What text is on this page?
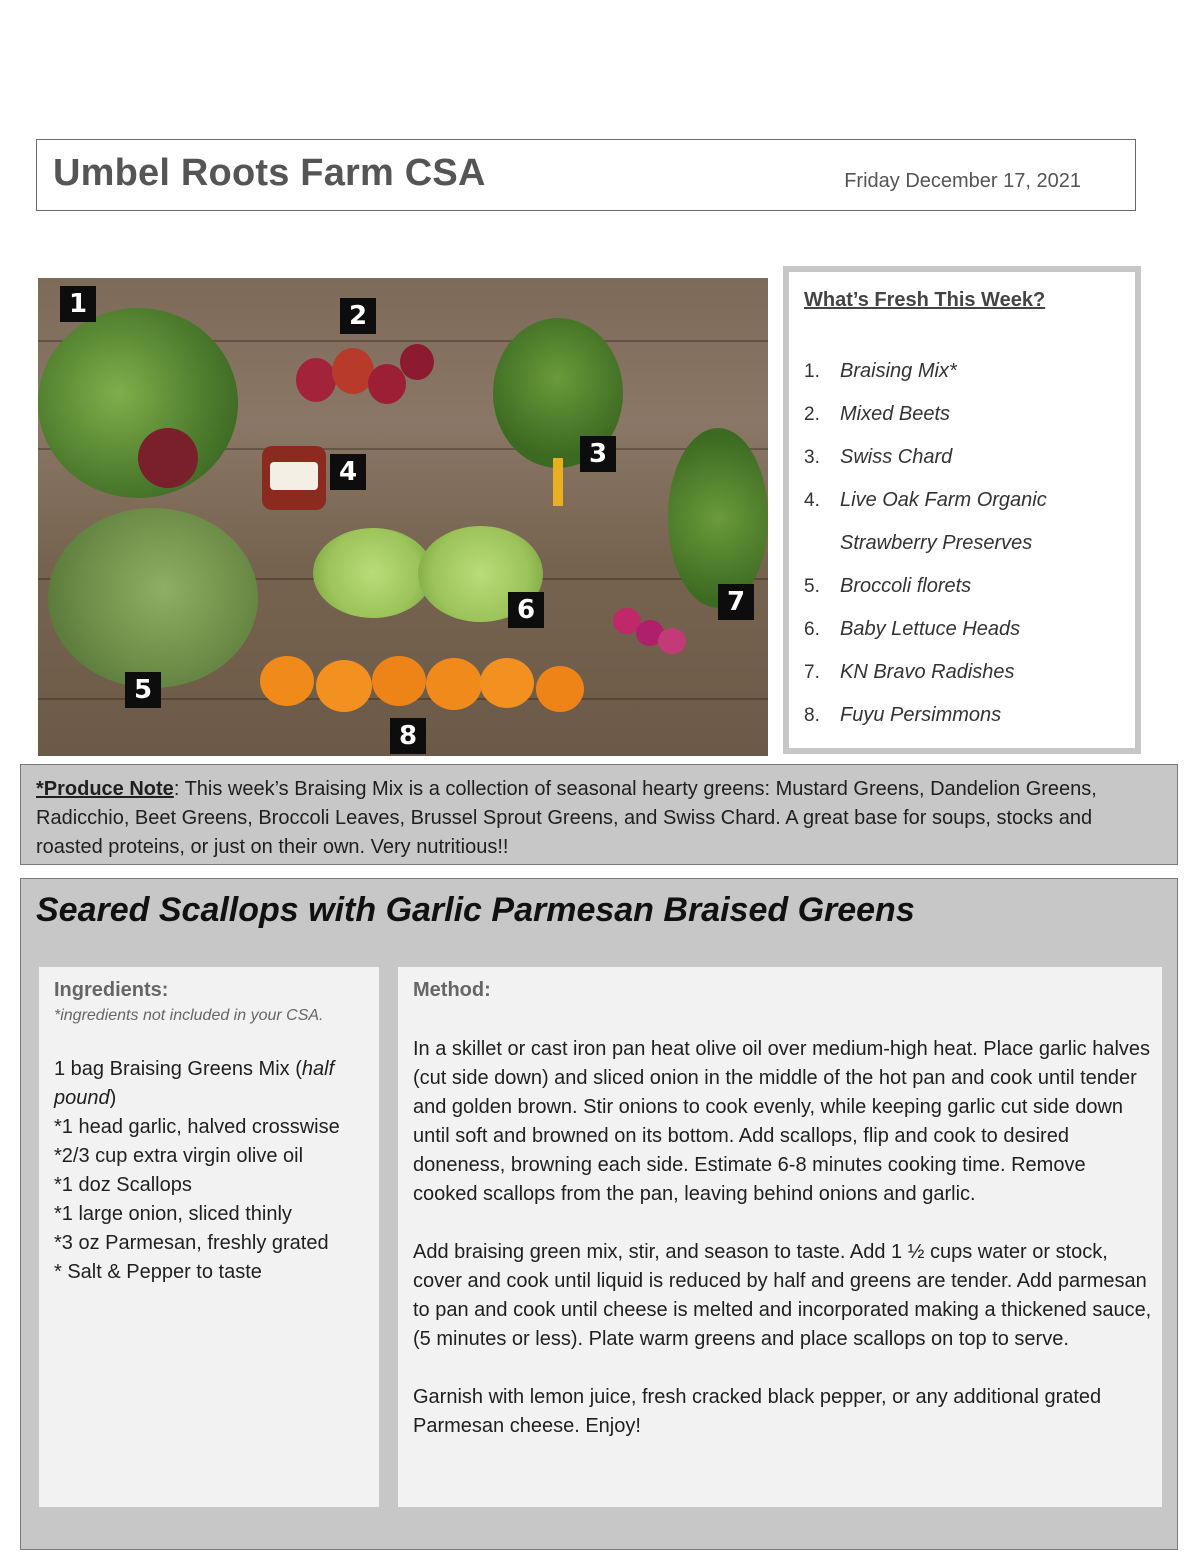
Umbel Roots Farm CSA	Friday December 17, 2021
1	2
3
4
5
6	7
8
What’s Fresh This Week?
1. Braising Mix*
2. Mixed Beets
3. Swiss Chard
4. Live Oak Farm Organic
Strawberry Preserves
5. Broccoli florets
6. Baby Lettuce Heads
7. KN Bravo Radishes
8. Fuyu Persimmons
*Produce Note: This week’s Braising Mix is a collection of seasonal hearty greens: Mustard Greens, Dandelion Greens, Radicchio, Beet Greens, Broccoli Leaves, Brussel Sprout Greens, and Swiss Chard. A great base for soups, stocks and roasted proteins, or just on their own. Very nutritious!!
Seared Scallops with Garlic Parmesan Braised Greens
Ingredients:
*ingredients not included in your CSA.
1 bag Braising Greens Mix (half pound)
*1 head garlic, halved crosswise
*2/3 cup extra virgin olive oil
*1 doz Scallops
*1 large onion, sliced thinly
*3 oz Parmesan, freshly grated
* Salt & Pepper to taste
Method:

In a skillet or cast iron pan heat olive oil over medium-high heat. Place garlic halves (cut side down) and sliced onion in the middle of the hot pan and cook until tender and golden brown. Stir onions to cook evenly, while keeping garlic cut side down until soft and browned on its bottom. Add scallops, flip and cook to desired doneness, browning each side. Estimate 6-8 minutes cooking time. Remove cooked scallops from the pan, leaving behind onions and garlic.

Add braising green mix, stir, and season to taste. Add 1 ½ cups water or stock, cover and cook until liquid is reduced by half and greens are tender. Add parmesan to pan and cook until cheese is melted and incorporated making a thickened sauce, (5 minutes or less). Plate warm greens and place scallops on top to serve.

Garnish with lemon juice, fresh cracked black pepper, or any additional grated Parmesan cheese. Enjoy!
